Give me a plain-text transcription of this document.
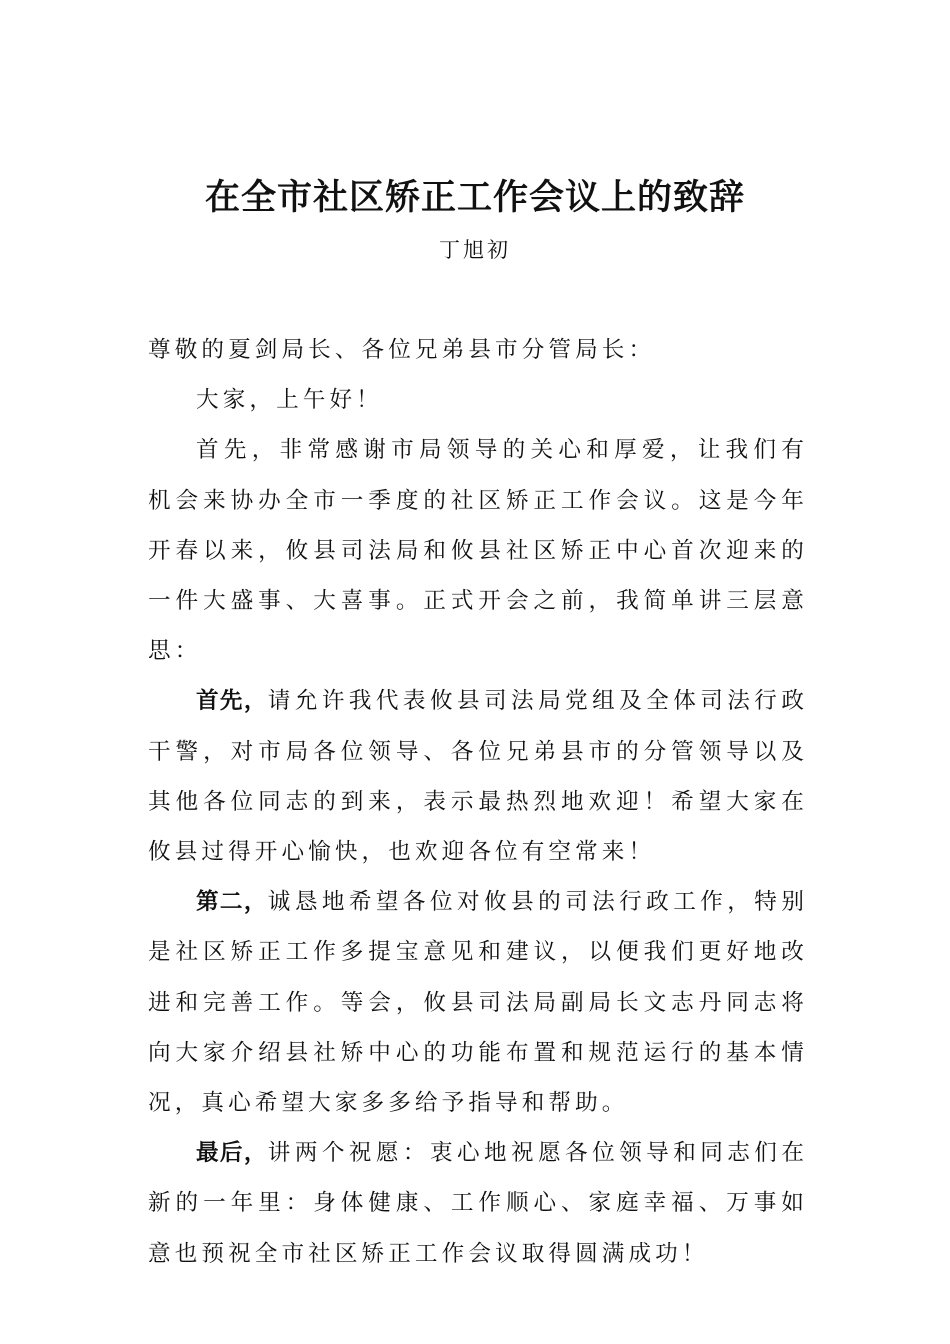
在全市社区矫正工作会议上的致辞
丁旭初

尊敬的夏剑局长、各位兄弟县市分管局长：

大家，上午好！

首先，非常感谢市局领导的关心和厚爱，让我们有机会来协办全市一季度的社区矫正工作会议。这是今年开春以来，攸县司法局和攸县社区矫正中心首次迎来的一件大盛事、大喜事。正式开会之前，我简单讲三层意思：

首先，请允许我代表攸县司法局党组及全体司法行政干警，对市局各位领导、各位兄弟县市的分管领导以及其他各位同志的到来，表示最热烈地欢迎！希望大家在攸县过得开心愉快，也欢迎各位有空常来！

第二，诚恳地希望各位对攸县的司法行政工作，特别是社区矫正工作多提宝意见和建议，以便我们更好地改进和完善工作。等会，攸县司法局副局长文志丹同志将向大家介绍县社矫中心的功能布置和规范运行的基本情况，真心希望大家多多给予指导和帮助。

最后，讲两个祝愿：衷心地祝愿各位领导和同志们在新的一年里：身体健康、工作顺心、家庭幸福、万事如意也预祝全市社区矫正工作会议取得圆满成功！
